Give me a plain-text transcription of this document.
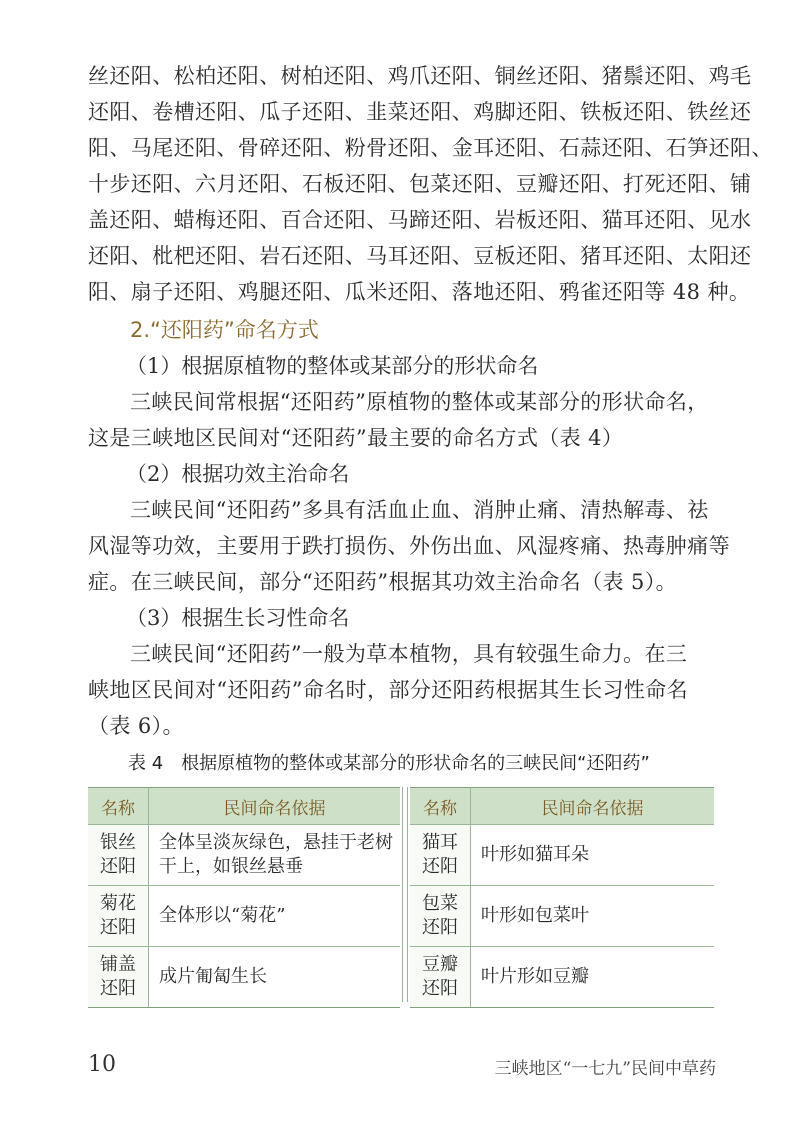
丝还阳、松柏还阳、树柏还阳、鸡爪还阳、铜丝还阳、猪鬃还阳、鸡毛
还阳、卷槽还阳、瓜子还阳、韭菜还阳、鸡脚还阳、铁板还阳、铁丝还
阳、马尾还阳、骨碎还阳、粉骨还阳、金耳还阳、石蒜还阳、石笋还阳、
十步还阳、六月还阳、石板还阳、包菜还阳、豆瓣还阳、打死还阳、铺
盖还阳、蜡梅还阳、百合还阳、马蹄还阳、岩板还阳、猫耳还阳、见水
还阳、枇杷还阳、岩石还阳、马耳还阳、豆板还阳、猪耳还阳、太阳还
阳、扇子还阳、鸡腿还阳、瓜米还阳、落地还阳、鸦雀还阳等 48 种。
2.“还阳药”命名方式
（1）根据原植物的整体或某部分的形状命名
三峡民间常根据“还阳药”原植物的整体或某部分的形状命名，
这是三峡地区民间对“还阳药”最主要的命名方式（表 4）
（2）根据功效主治命名
三峡民间“还阳药”多具有活血止血、消肿止痛、清热解毒、祛
风湿等功效，主要用于跌打损伤、外伤出血、风湿疼痛、热毒肿痛等
症。在三峡民间，部分“还阳药”根据其功效主治命名（表 5）。
（3）根据生长习性命名
三峡民间“还阳药”一般为草本植物，具有较强生命力。在三
峡地区民间对“还阳药”命名时，部分还阳药根据其生长习性命名
（表 6）。
表 4　根据原植物的整体或某部分的形状命名的三峡民间“还阳药”
名称	民间命名依据
银丝
还阳	全体呈淡灰绿色，悬挂于老树
干上，如银丝悬垂
菊花
还阳	全体形以“菊花”
铺盖
还阳	成片匍匐生长
名称	民间命名依据
猫耳
还阳	叶形如猫耳朵
包菜
还阳	叶形如包菜叶
豆瓣
还阳	叶片形如豆瓣
10	三峡地区“一七九”民间中草药
